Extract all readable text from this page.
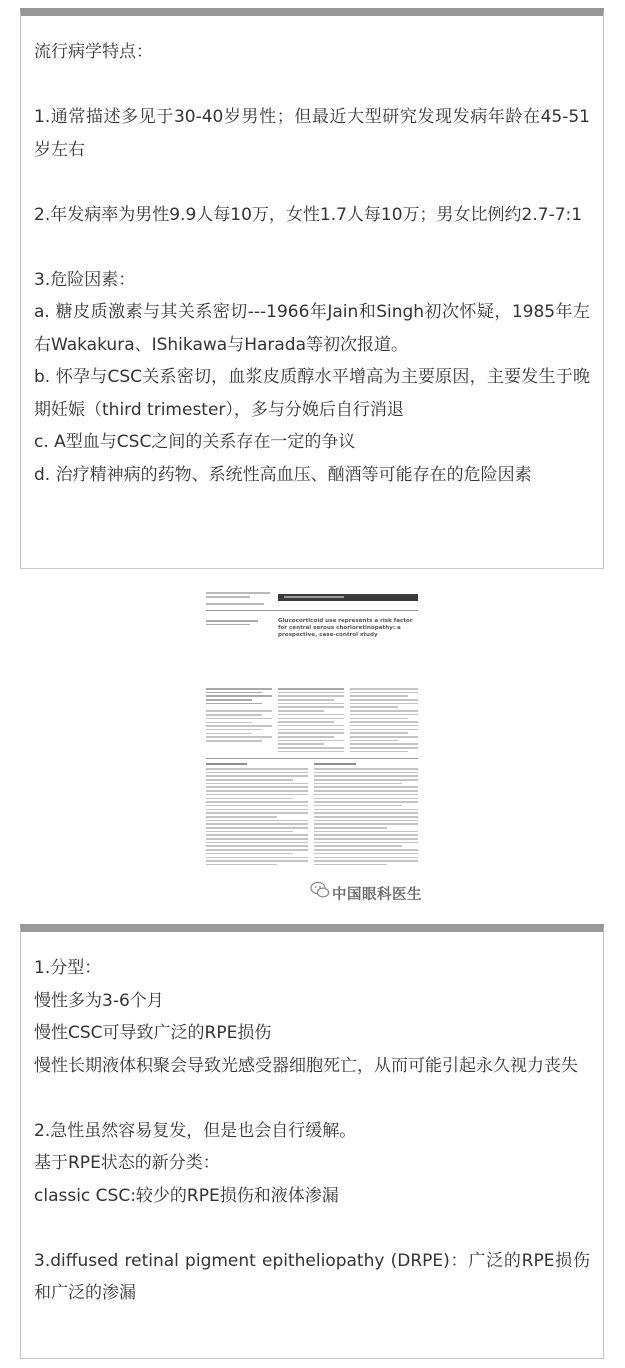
流行病学特点：

1.通常描述多见于30-40岁男性；但最近大型研究发现发病年龄在45-51岁左右

2.年发病率为男性9.9人每10万，女性1.7人每10万；男女比例约2.7-7:1

3.危险因素：

a. 糖皮质激素与其关系密切---1966年Jain和Singh初次怀疑，1985年左右Wakakura、IShikawa与Harada等初次报道。

b. 怀孕与CSC关系密切，血浆皮质醇水平增高为主要原因，主要发生于晚期妊娠（third trimester），多与分娩后自行消退

c. A型血与CSC之间的关系存在一定的争议

d. 治疗精神病的药物、系统性高血压、酗酒等可能存在的危险因素

Glucocorticoid use represents a risk factor for central serous chorioretinopathy: a prospective, case-control study
中国眼科医生

1.分型：

慢性多为3-6个月

慢性CSC可导致广泛的RPE损伤

慢性长期液体积聚会导致光感受器细胞死亡，从而可能引起永久视力丧失

2.急性虽然容易复发，但是也会自行缓解。

基于RPE状态的新分类：

classic CSC:较少的RPE损伤和液体渗漏

3.diffused retinal pigment epitheliopathy (DRPE)：广泛的RPE损伤和广泛的渗漏
